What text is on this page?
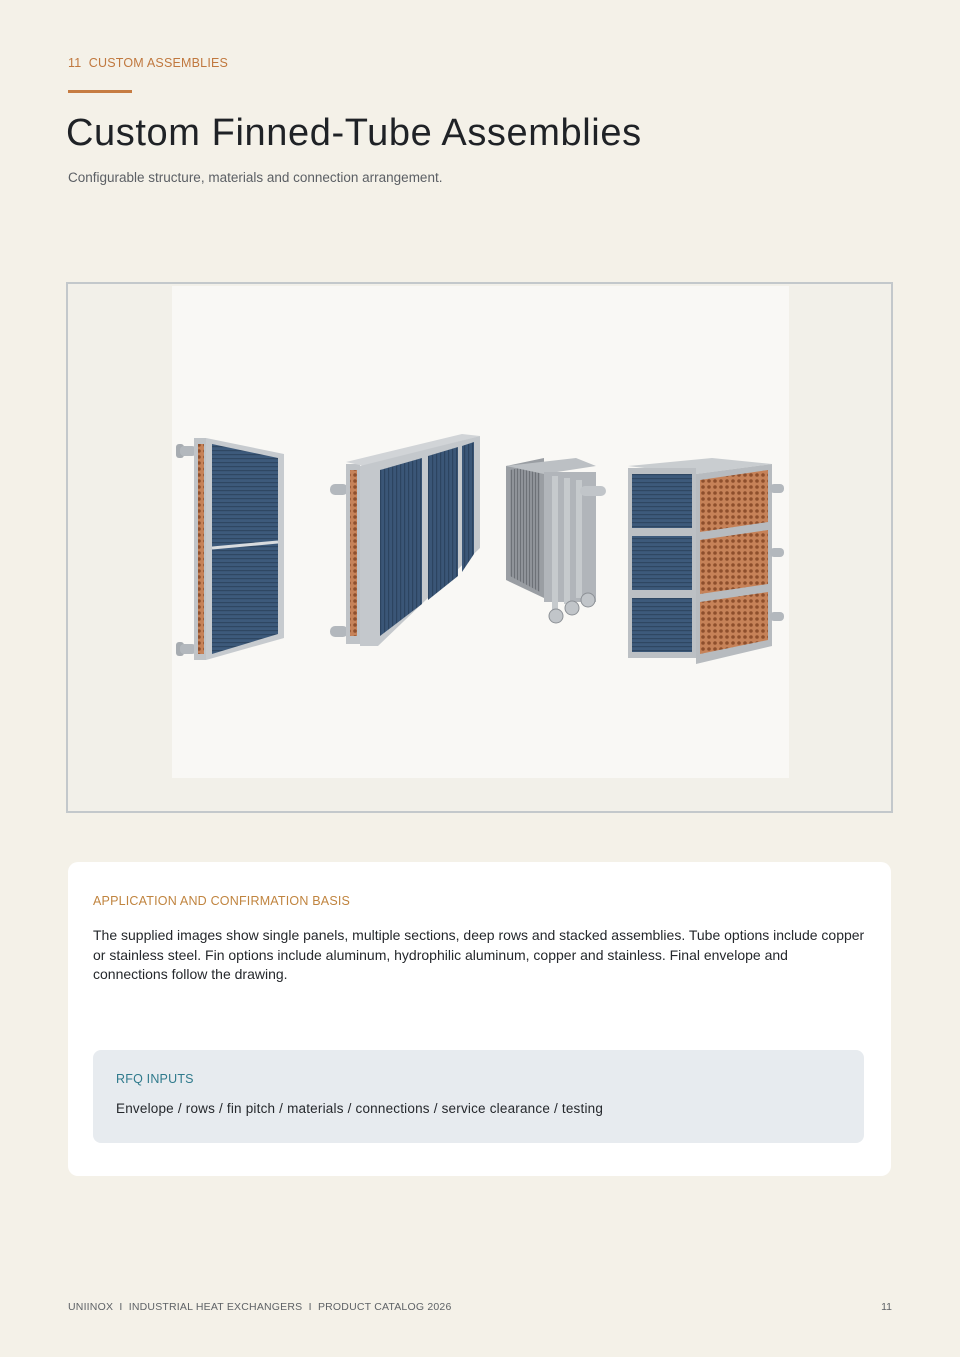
11 CUSTOM ASSEMBLIES
Custom Finned-Tube Assemblies
Configurable structure, materials and connection arrangement.
APPLICATION AND CONFIRMATION BASIS

The supplied images show single panels, multiple sections, deep rows and stacked assemblies. Tube options include copper or stainless steel. Fin options include aluminum, hydrophilic aluminum, copper and stainless. Final envelope and connections follow the drawing.

RFQ INPUTS
Envelope / rows / fin pitch / materials / connections / service clearance / testing
UNIINOX  I  INDUSTRIAL HEAT EXCHANGERS  I  PRODUCT CATALOG 2026	11
